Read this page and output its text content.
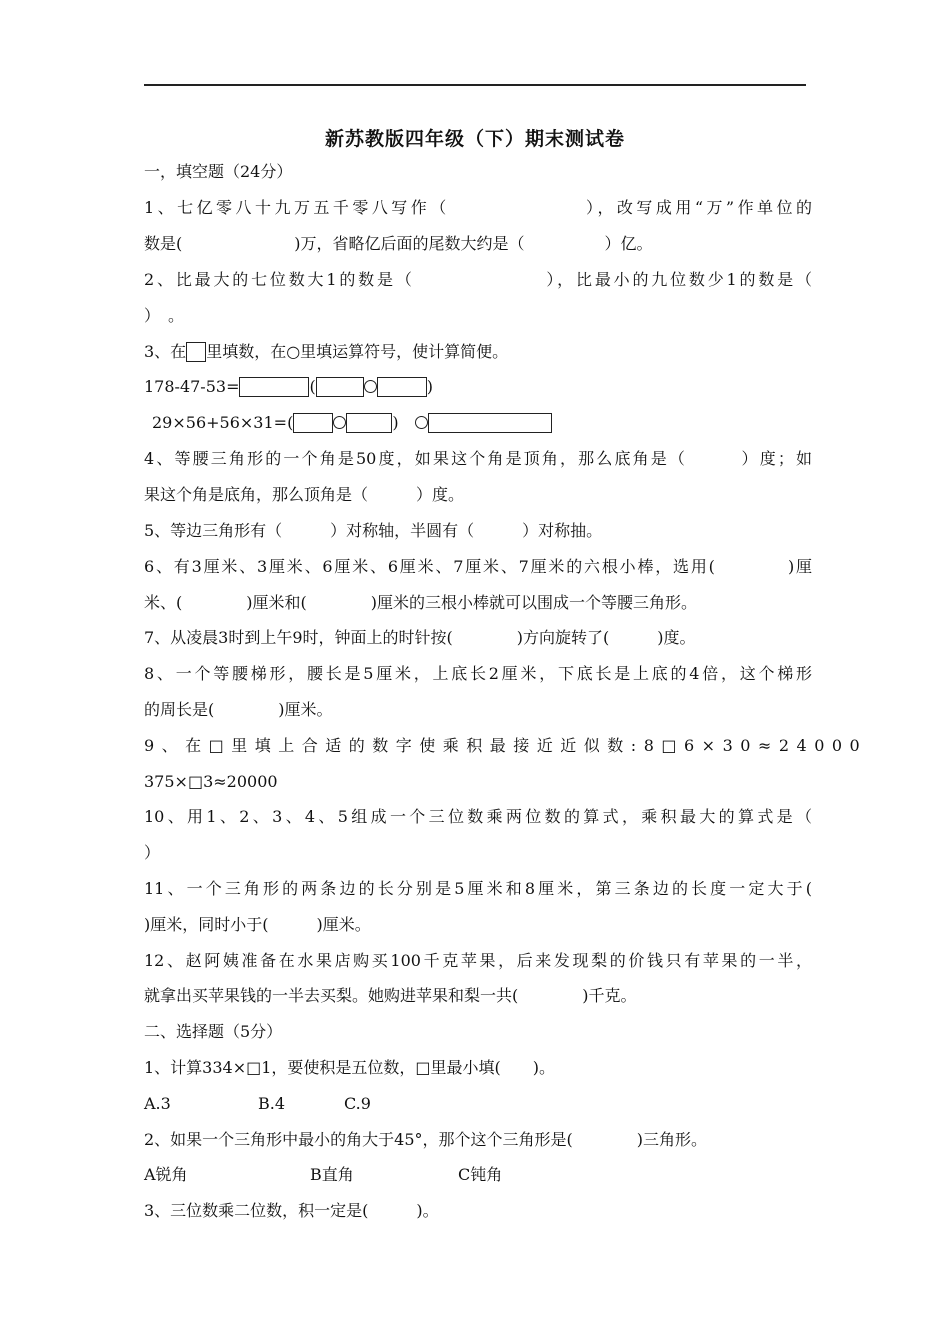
新苏教版四年级（下）期末测试卷
一，填空题（24分）
1、七亿零八十九万五千零八写作（　　　　　　　），改写成用“万”作单位的
数是(　　　　　　　)万，省略亿后面的尾数大约是（　　　　　）亿。
2、比最大的七位数大1的数是（　　　　　　　），比最小的九位数少1的数是（
）　。
3、在 里填数，在○里填运算符号，使计算简便。
178-47-53=	(	)
29×56+56×31=(	)
4、等腰三角形的一个角是50度，如果这个角是顶角，那么底角是（　　　）度；如
果这个角是底角，那么顶角是（　　　）度。
5、等边三角形有（　　　）对称轴，半圆有（　　　）对称抽。
6、有3厘米、3厘米、6厘米、6厘米、7厘米、7厘米的六根小棒，选用(　　　　)厘
米、(　　　　)厘米和(　　　　)厘米的三根小棒就可以围成一个等腰三角形。
7、从凌晨3时到上午9时，钟面上的时针按(　　　　)方向旋转了(　　　)度。
8、一个等腰梯形，腰长是5厘米，上底长2厘米，下底长是上底的4倍，这个梯形
的周长是(　　　　)厘米。
9、在□里填上合适的数字使乘积最接近近似数:8□6×30≈24000
375×□3≈20000
10、用1、2、3、4、5组成一个三位数乘两位数的算式，乘积最大的算式是（
）
11、一个三角形的两条边的长分别是5厘米和8厘米，第三条边的长度一定大于(
)厘米，同时小于(　　　)厘米。
12、赵阿姨准备在水果店购买100千克苹果，后来发现梨的价钱只有苹果的一半，
就拿出买苹果钱的一半去买梨。她购进苹果和梨一共(　　　　)千克。
二、选择题（5分）
1、计算334×□1，要使积是五位数，□里最小填(　　)。
A.3	B.4	C.9
2、如果一个三角形中最小的角大于45°，那个这个三角形是(　　　　)三角形。
A锐角	B直角	C钝角
3、三位数乘二位数，积一定是(　　　)。
